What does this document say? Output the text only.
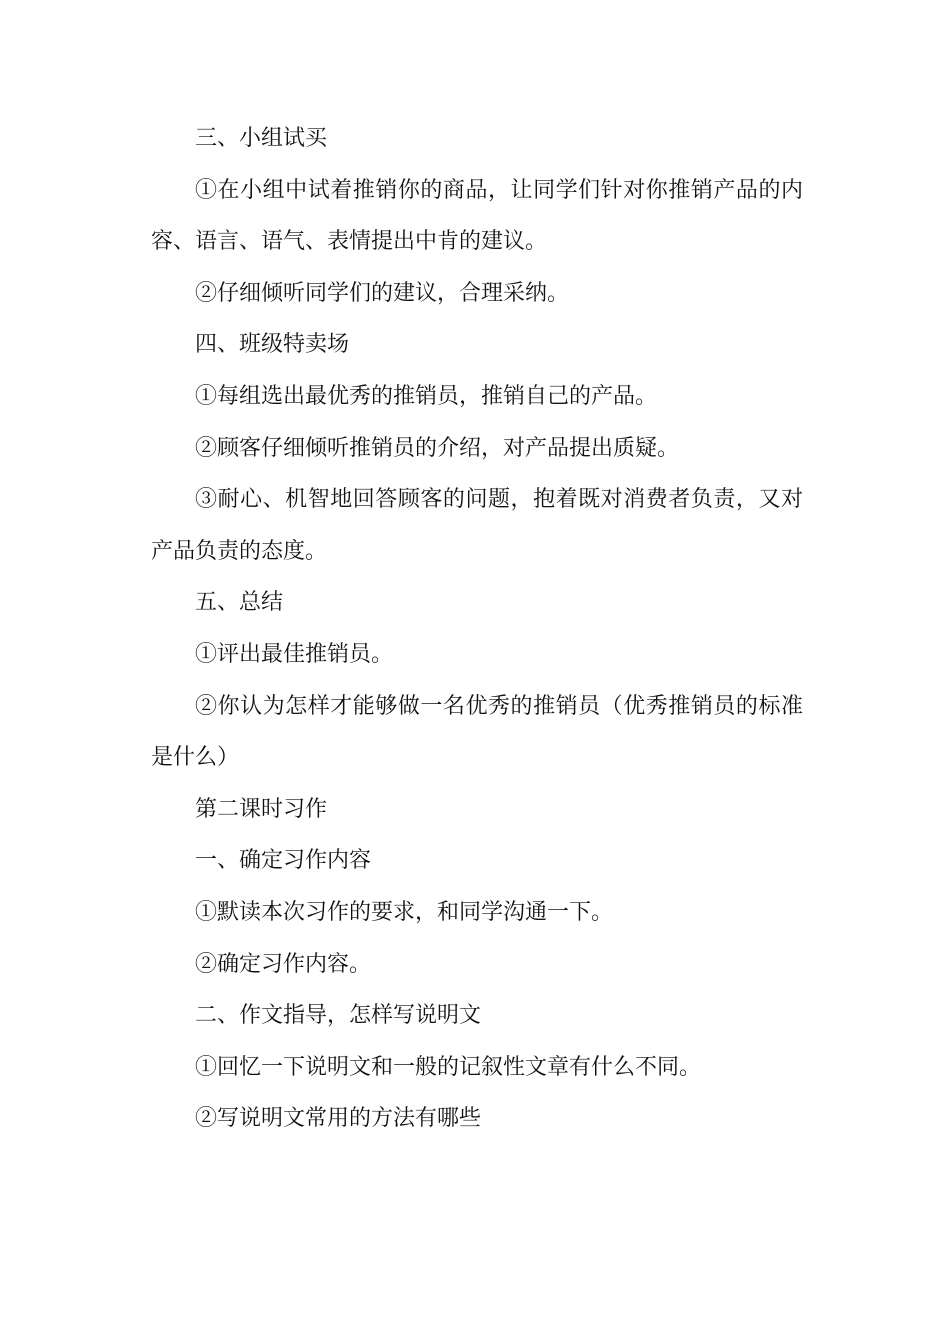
三、小组试买

①在小组中试着推销你的商品，让同学们针对你推销产品的内容、语言、语气、表情提出中肯的建议。

②仔细倾听同学们的建议，合理采纳。

四、班级特卖场

①每组选出最优秀的推销员，推销自己的产品。

②顾客仔细倾听推销员的介绍，对产品提出质疑。

③耐心、机智地回答顾客的问题，抱着既对消费者负责，又对产品负责的态度。

五、总结

①评出最佳推销员。

②你认为怎样才能够做一名优秀的推销员（优秀推销员的标准是什么）

第二课时习作

一、确定习作内容

①默读本次习作的要求，和同学沟通一下。

②确定习作内容。

二、作文指导，怎样写说明文

①回忆一下说明文和一般的记叙性文章有什么不同。

②写说明文常用的方法有哪些
